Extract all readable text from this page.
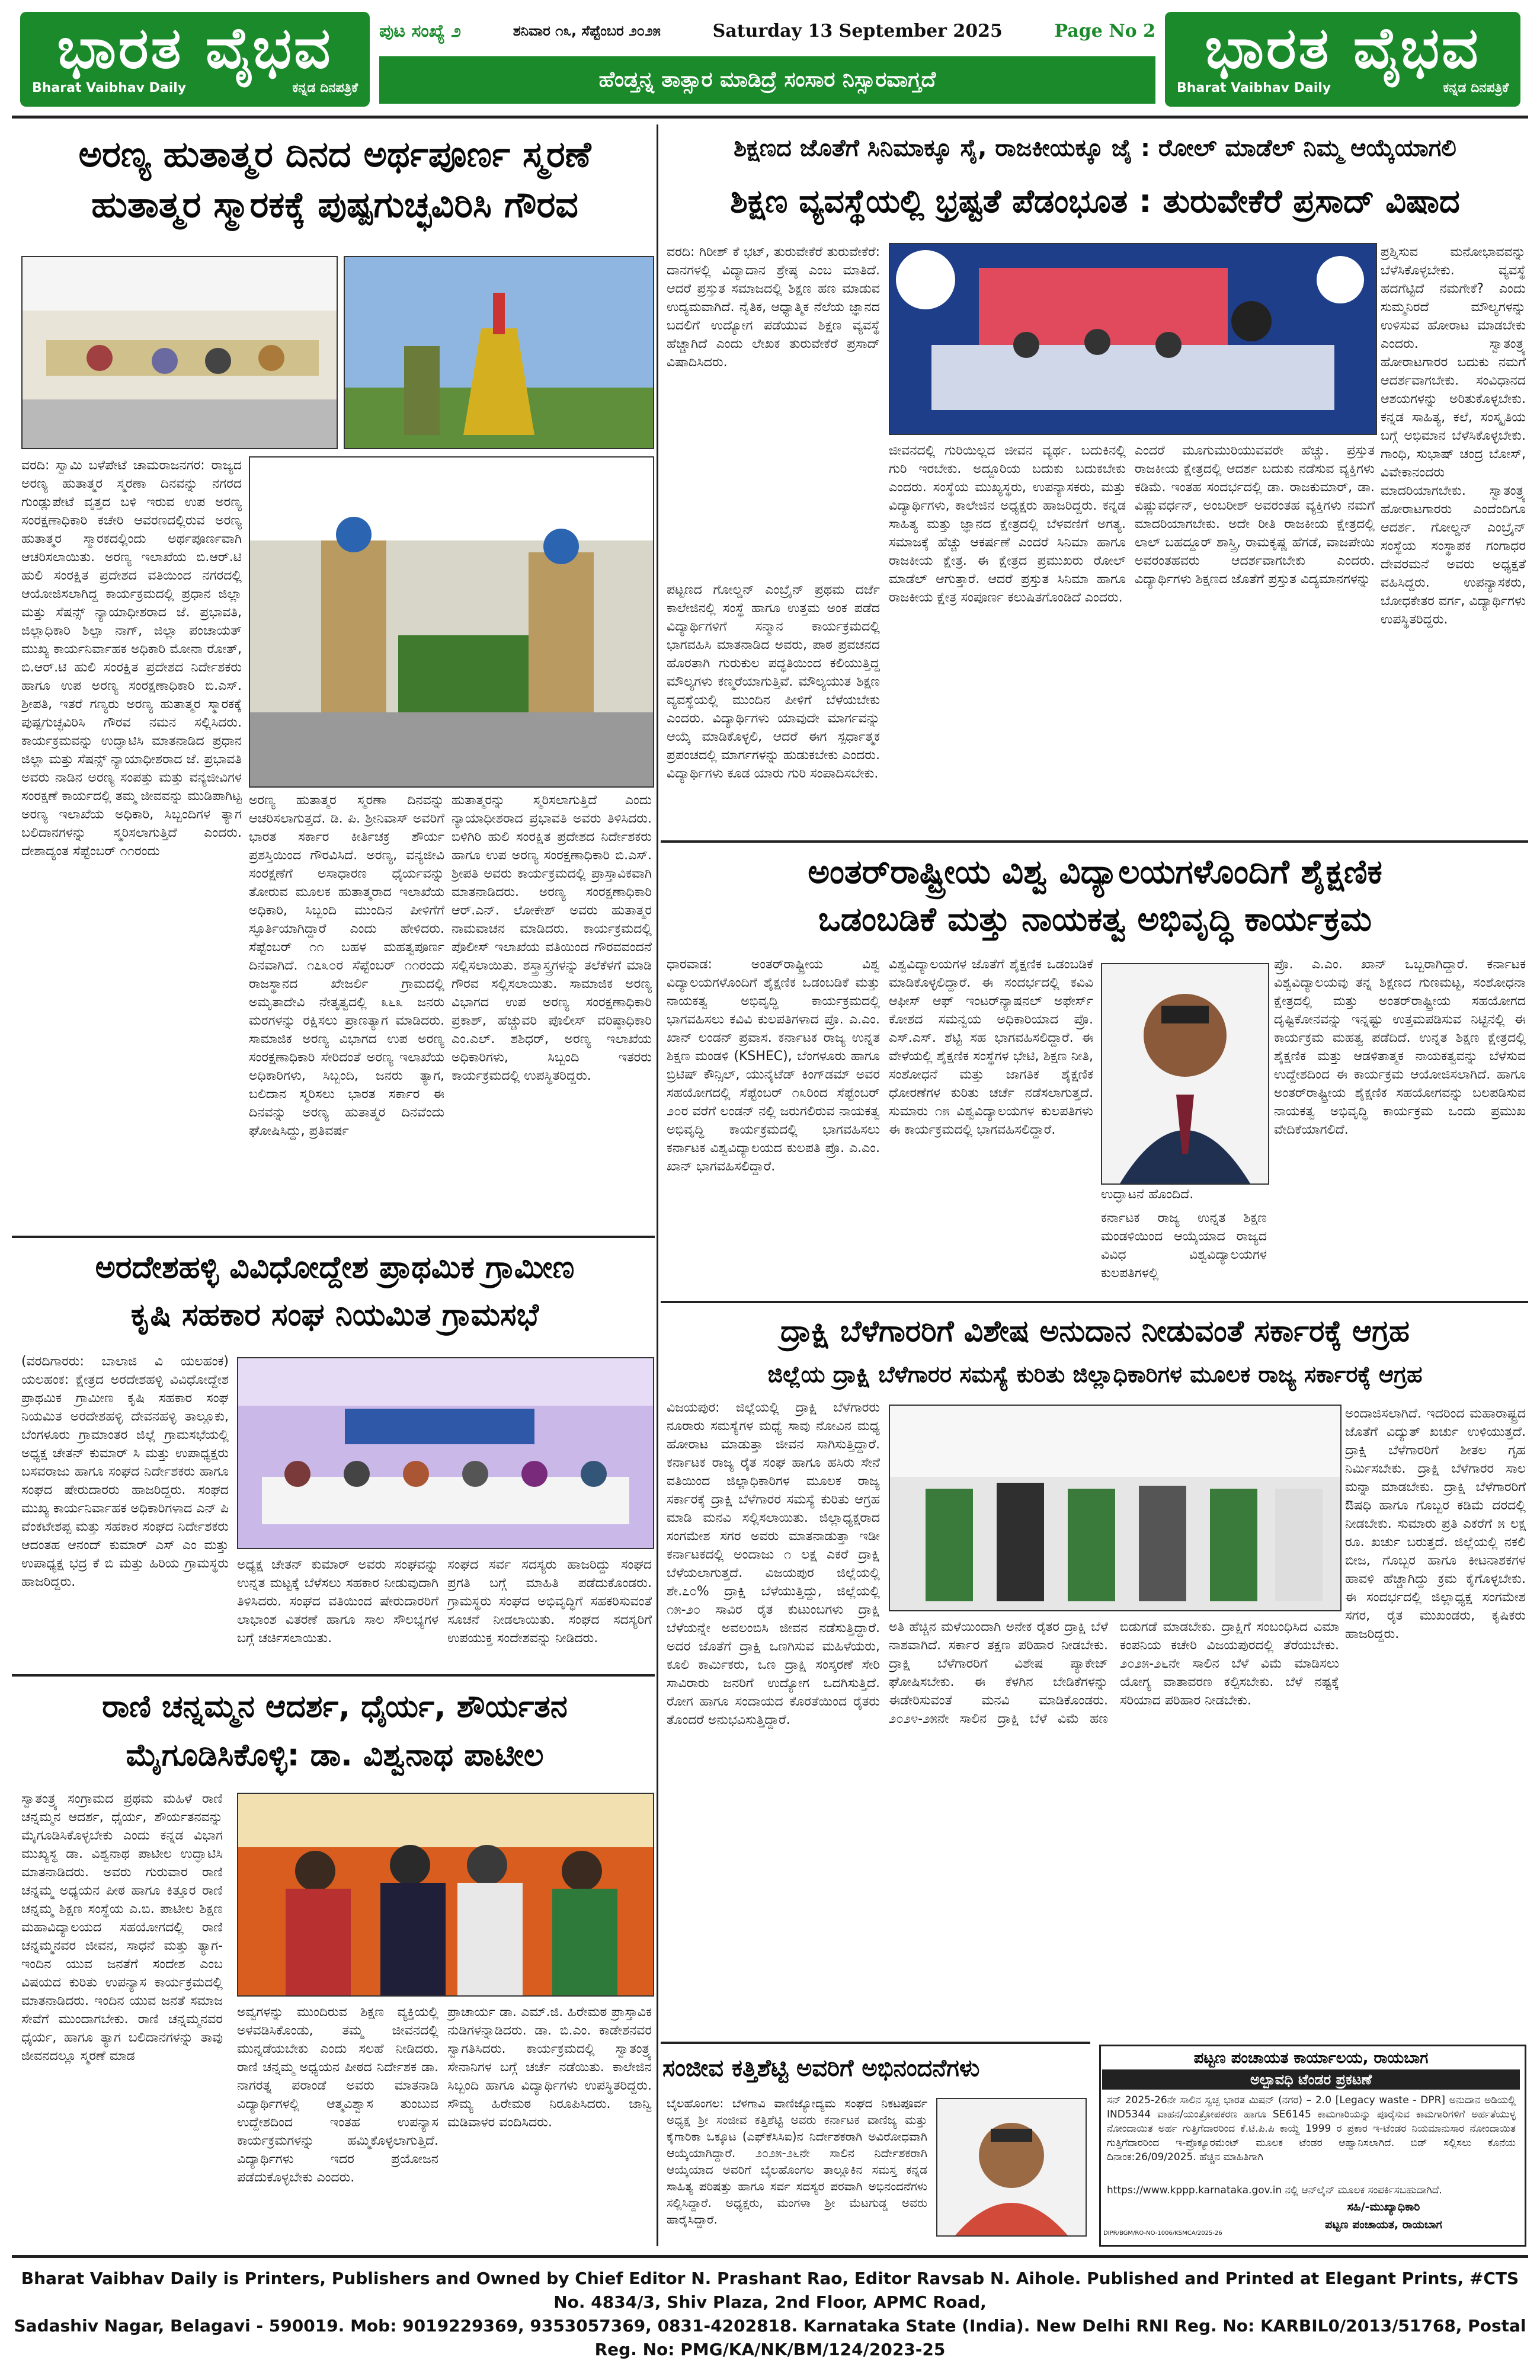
ಭಾರತ ವೈಭವ
Bharat Vaibhav Daily	ಕನ್ನಡ ದಿನಪತ್ರಿಕೆ
ಭಾರತ ವೈಭವ
Bharat Vaibhav Daily	ಕನ್ನಡ ದಿನಪತ್ರಿಕೆ
ಪುಟ ಸಂಖ್ಯೆ ೨	ಶನಿವಾರ ೧೩, ಸೆಪ್ಟೆಂಬರ ೨೦೨೫	Saturday 13 September 2025	Page No 2
ಹೆಂಡ್ತನ್ನ ತಾತ್ಸಾರ ಮಾಡಿದ್ರೆ ಸಂಸಾರ ನಿಸ್ಸಾರವಾಗ್ತದೆ
ಅರಣ್ಯ ಹುತಾತ್ಮರ ದಿನದ ಅರ್ಥಪೂರ್ಣ ಸ್ಮರಣೆ
ಹುತಾತ್ಮರ ಸ್ಮಾರಕಕ್ಕೆ ಪುಷ್ಪಗುಚ್ಛವಿರಿಸಿ ಗೌರವ
ವರದಿ: ಸ್ವಾಮಿ ಬಳೆಪೇಟೆ ಚಾಮರಾಜನಗರ: ರಾಜ್ಯದ ಅರಣ್ಯ ಹುತಾತ್ಮರ ಸ್ಮರಣಾ ದಿನವನ್ನು ನಗರದ ಗುಂಡ್ಲುಪೇಟೆ ವೃತ್ತದ ಬಳಿ ಇರುವ ಉಪ ಅರಣ್ಯ ಸಂರಕ್ಷಣಾಧಿಕಾರಿ ಕಚೇರಿ ಆವರಣದಲ್ಲಿರುವ ಅರಣ್ಯ ಹುತಾತ್ಮರ ಸ್ಮಾರಕದಲ್ಲಿಂದು ಅರ್ಥಪೂರ್ಣವಾಗಿ ಆಚರಿಸಲಾಯಿತು. ಅರಣ್ಯ ಇಲಾಖೆಯ ಬಿ.ಆರ್.ಟಿ ಹುಲಿ ಸಂರಕ್ಷಿತ ಪ್ರದೇಶದ ವತಿಯಿಂದ ನಗರದಲ್ಲಿ ಆಯೋಜಿಸಲಾಗಿದ್ದ ಕಾರ್ಯಕ್ರಮದಲ್ಲಿ ಪ್ರಧಾನ ಜಿಲ್ಲಾ ಮತ್ತು ಸೆಷನ್ಸ್ ನ್ಯಾಯಾಧೀಶರಾದ ಜೆ. ಪ್ರಭಾವತಿ, ಜಿಲ್ಲಾಧಿಕಾರಿ ಶಿಲ್ಪಾ ನಾಗ್, ಜಿಲ್ಲಾ ಪಂಚಾಯತ್ ಮುಖ್ಯ ಕಾರ್ಯನಿರ್ವಾಹಕ ಅಧಿಕಾರಿ ಮೋನಾ ರೋತ್, ಬಿ.ಆರ್.ಟಿ ಹುಲಿ ಸಂರಕ್ಷಿತ ಪ್ರದೇಶದ ನಿರ್ದೇಶಕರು ಹಾಗೂ ಉಪ ಅರಣ್ಯ ಸಂರಕ್ಷಣಾಧಿಕಾರಿ ಬಿ.ಎಸ್. ಶ್ರೀಪತಿ, ಇತರೆ ಗಣ್ಯರು ಅರಣ್ಯ ಹುತಾತ್ಮರ ಸ್ಮಾರಕಕ್ಕೆ ಪುಷ್ಪಗುಚ್ಛವಿರಿಸಿ ಗೌರವ ನಮನ ಸಲ್ಲಿಸಿದರು. ಕಾರ್ಯಕ್ರಮವನ್ನು ಉದ್ಘಾಟಿಸಿ ಮಾತನಾಡಿದ ಪ್ರಧಾನ ಜಿಲ್ಲಾ ಮತ್ತು ಸೆಷನ್ಸ್ ನ್ಯಾಯಾಧೀಶರಾದ ಜೆ. ಪ್ರಭಾವತಿ ಅವರು ನಾಡಿನ ಅರಣ್ಯ ಸಂಪತ್ತು ಮತ್ತು ವನ್ಯಜೀವಿಗಳ ಸಂರಕ್ಷಣೆ ಕಾರ್ಯದಲ್ಲಿ ತಮ್ಮ ಜೀವವನ್ನು ಮುಡಿಪಾಗಿಟ್ಟ ಅರಣ್ಯ ಇಲಾಖೆಯ ಅಧಿಕಾರಿ, ಸಿಬ್ಬಂದಿಗಳ ತ್ಯಾಗ ಬಲಿದಾನಗಳನ್ನು ಸ್ಮರಿಸಲಾಗುತ್ತಿದೆ ಎಂದರು. ದೇಶಾದ್ಯಂತ ಸೆಪ್ಟೆಂಬರ್ ೧೧ರಂದು
ಅರಣ್ಯ ಹುತಾತ್ಮರ ಸ್ಮರಣಾ ದಿನವನ್ನು ಆಚರಿಸಲಾಗುತ್ತದೆ. ಡಿ. ಪಿ. ಶ್ರೀನಿವಾಸ್ ಅವರಿಗೆ ಭಾರತ ಸರ್ಕಾರ ಕೀರ್ತಿಚಕ್ರ ಶೌರ್ಯ ಪ್ರಶಸ್ತಿಯಿಂದ ಗೌರವಿಸಿದೆ. ಅರಣ್ಯ, ವನ್ಯಜೀವಿ ಸಂರಕ್ಷಣೆಗೆ ಅಸಾಧಾರಣ ಧೈರ್ಯವನ್ನು ತೋರುವ ಮೂಲಕ ಹುತಾತ್ಮರಾದ ಇಲಾಖೆಯ ಅಧಿಕಾರಿ, ಸಿಬ್ಬಂದಿ ಮುಂದಿನ ಪೀಳಿಗೆಗೆ ಸ್ಫೂರ್ತಿಯಾಗಿದ್ದಾರೆ ಎಂದು ಹೇಳಿದರು. ಸೆಪ್ಟೆಂಬರ್ ೧೧ ಬಹಳ ಮಹತ್ವಪೂರ್ಣ ದಿನವಾಗಿದೆ. ೧೭೩೦ರ ಸೆಪ್ಟೆಂಬರ್ ೧೧ರಂದು ರಾಜಸ್ಥಾನದ ಖೇಜರ್ಲಿ ಗ್ರಾಮದಲ್ಲಿ ಅಮೃತಾದೇವಿ ನೇತೃತ್ವದಲ್ಲಿ ೩೬೩ ಜನರು ಮರಗಳನ್ನು ರಕ್ಷಿಸಲು ಪ್ರಾಣತ್ಯಾಗ ಮಾಡಿದರು. ಸಾಮಾಜಿಕ ಅರಣ್ಯ ವಿಭಾಗದ ಉಪ ಅರಣ್ಯ ಸಂರಕ್ಷಣಾಧಿಕಾರಿ ಸೇರಿದಂತೆ ಅರಣ್ಯ ಇಲಾಖೆಯ ಅಧಿಕಾರಿಗಳು, ಸಿಬ್ಬಂದಿ, ಜನರು ತ್ಯಾಗ, ಬಲಿದಾನ ಸ್ಮರಿಸಲು ಭಾರತ ಸರ್ಕಾರ ಈ ದಿನವನ್ನು ಅರಣ್ಯ ಹುತಾತ್ಮರ ದಿನವೆಂದು ಘೋಷಿಸಿದ್ದು, ಪ್ರತಿವರ್ಷ
ಹುತಾತ್ಮರನ್ನು ಸ್ಮರಿಸಲಾಗುತ್ತಿದೆ ಎಂದು ನ್ಯಾಯಾಧೀಶರಾದ ಪ್ರಭಾವತಿ ಅವರು ತಿಳಿಸಿದರು. ಬಿಳಿಗಿರಿ ಹುಲಿ ಸಂರಕ್ಷಿತ ಪ್ರದೇಶದ ನಿರ್ದೇಶಕರು ಹಾಗೂ ಉಪ ಅರಣ್ಯ ಸಂರಕ್ಷಣಾಧಿಕಾರಿ ಬಿ.ಎಸ್. ಶ್ರೀಪತಿ ಅವರು ಕಾರ್ಯಕ್ರಮದಲ್ಲಿ ಪ್ರಾಸ್ತಾವಿಕವಾಗಿ ಮಾತನಾಡಿದರು. ಅರಣ್ಯ ಸಂರಕ್ಷಣಾಧಿಕಾರಿ ಆರ್.ಎನ್. ಲೋಕೇಶ್ ಅವರು ಹುತಾತ್ಮರ ನಾಮವಾಚನ ಮಾಡಿದರು. ಕಾರ್ಯಕ್ರಮದಲ್ಲಿ ಪೊಲೀಸ್ ಇಲಾಖೆಯ ವತಿಯಿಂದ ಗೌರವವಂದನೆ ಸಲ್ಲಿಸಲಾಯಿತು. ಶಸ್ತ್ರಾಸ್ತ್ರಗಳನ್ನು ತಲೆಕೆಳಗೆ ಮಾಡಿ ಗೌರವ ಸಲ್ಲಿಸಲಾಯಿತು. ಸಾಮಾಜಿಕ ಅರಣ್ಯ ವಿಭಾಗದ ಉಪ ಅರಣ್ಯ ಸಂರಕ್ಷಣಾಧಿಕಾರಿ ಪ್ರಕಾಶ್, ಹೆಚ್ಚುವರಿ ಪೊಲೀಸ್ ವರಿಷ್ಠಾಧಿಕಾರಿ ಎಂ.ಎಲ್. ಶಶಿಧರ್, ಅರಣ್ಯ ಇಲಾಖೆಯ ಅಧಿಕಾರಿಗಳು, ಸಿಬ್ಬಂದಿ ಇತರರು ಕಾರ್ಯಕ್ರಮದಲ್ಲಿ ಉಪಸ್ಥಿತರಿದ್ದರು.
ಶಿಕ್ಷಣದ ಜೊತೆಗೆ ಸಿನಿಮಾಕ್ಕೂ ಸೈ, ರಾಜಕೀಯಕ್ಕೂ ಜೈ : ರೋಲ್ ಮಾಡೆಲ್ ನಿಮ್ಮ ಆಯ್ಕೆಯಾಗಲಿ
ಶಿಕ್ಷಣ ವ್ಯವಸ್ಥೆಯಲ್ಲಿ ಭ್ರಷ್ಟತೆ ಪೆಡಂಭೂತ : ತುರುವೇಕೆರೆ ಪ್ರಸಾದ್ ವಿಷಾದ
ವರದಿ: ಗಿರೀಶ್ ಕೆ ಭಟ್, ತುರುವೇಕೆರೆ ತುರುವೇಕೆರೆ: ದಾನಗಳಲ್ಲಿ ವಿದ್ಯಾದಾನ ಶ್ರೇಷ್ಠ ಎಂಬ ಮಾತಿದೆ. ಆದರೆ ಪ್ರಸ್ತುತ ಸಮಾಜದಲ್ಲಿ ಶಿಕ್ಷಣ ಹಣ ಮಾಡುವ ಉದ್ಯಮವಾಗಿದೆ. ನೈತಿಕ, ಆಧ್ಯಾತ್ಮಿಕ ನೆಲೆಯ ಜ್ಞಾನದ ಬದಲಿಗೆ ಉದ್ಯೋಗ ಪಡೆಯುವ ಶಿಕ್ಷಣ ವ್ಯವಸ್ಥೆ ಹೆಚ್ಚಾಗಿದೆ ಎಂದು ಲೇಖಕ ತುರುವೇಕೆರೆ ಪ್ರಸಾದ್ ವಿಷಾದಿಸಿದರು.
ಪ್ರಶ್ನಿಸುವ ಮನೋಭಾವವನ್ನು ಬೆಳೆಸಿಕೊಳ್ಳಬೇಕು. ವ್ಯವಸ್ಥೆ ಹದಗೆಟ್ಟಿದೆ ನಮಗೇಕೆ? ಎಂದು ಸುಮ್ಮನಿರದೆ ಮೌಲ್ಯಗಳನ್ನು ಉಳಿಸುವ ಹೋರಾಟ ಮಾಡಬೇಕು ಎಂದರು. ಸ್ವಾತಂತ್ರ್ಯ ಹೋರಾಟಗಾರರ ಬದುಕು ನಮಗೆ ಆದರ್ಶವಾಗಬೇಕು. ಸಂವಿಧಾನದ ಆಶಯಗಳನ್ನು ಅರಿತುಕೊಳ್ಳಬೇಕು. ಕನ್ನಡ ಸಾಹಿತ್ಯ, ಕಲೆ, ಸಂಸ್ಕೃತಿಯ ಬಗ್ಗೆ ಅಭಿಮಾನ ಬೆಳೆಸಿಕೊಳ್ಳಬೇಕು. ಗಾಂಧಿ, ಸುಭಾಷ್ ಚಂದ್ರ ಬೋಸ್, ವಿವೇಕಾನಂದರು ಮಾದರಿಯಾಗಬೇಕು. ಸ್ವಾತಂತ್ರ್ಯ ಹೋರಾಟಗಾರರು ಎಂದೆಂದಿಗೂ ಆದರ್ಶ. ಗೋಲ್ಡನ್ ಎಂಬ್ರೈನ್ ಸಂಸ್ಥೆಯ ಸಂಸ್ಥಾಪಕ ಗಂಗಾಧರ ದೇವರಮನೆ ಅವರು ಅಧ್ಯಕ್ಷತೆ ವಹಿಸಿದ್ದರು. ಉಪನ್ಯಾಸಕರು, ಬೋಧಕೇತರ ವರ್ಗ, ವಿದ್ಯಾರ್ಥಿಗಳು ಉಪಸ್ಥಿತರಿದ್ದರು.
ಪಟ್ಟಣದ ಗೋಲ್ಡನ್ ಎಂಬ್ರೈನ್ ಪ್ರಥಮ ದರ್ಜೆ ಕಾಲೇಜಿನಲ್ಲಿ ಸಂಸ್ಥೆ ಹಾಗೂ ಉತ್ತಮ ಅಂಕ ಪಡೆದ ವಿದ್ಯಾರ್ಥಿಗಳಿಗೆ ಸನ್ಮಾನ ಕಾರ್ಯಕ್ರಮದಲ್ಲಿ ಭಾಗವಹಿಸಿ ಮಾತನಾಡಿದ ಅವರು, ಪಾಠ ಪ್ರವಚನದ ಹೊರತಾಗಿ ಗುರುಕುಲ ಪದ್ಧತಿಯಿಂದ ಕಲಿಯುತ್ತಿದ್ದ ಮೌಲ್ಯಗಳು ಕಣ್ಮರೆಯಾಗುತ್ತಿವೆ. ಮೌಲ್ಯಯುತ ಶಿಕ್ಷಣ ವ್ಯವಸ್ಥೆಯಲ್ಲಿ ಮುಂದಿನ ಪೀಳಿಗೆ ಬೆಳೆಯಬೇಕು ಎಂದರು. ವಿದ್ಯಾರ್ಥಿಗಳು ಯಾವುದೇ ಮಾರ್ಗವನ್ನು ಆಯ್ಕೆ ಮಾಡಿಕೊಳ್ಳಲಿ, ಆದರೆ ಈಗ ಸ್ಪರ್ಧಾತ್ಮಕ ಪ್ರಪಂಚದಲ್ಲಿ ಮಾರ್ಗಗಳನ್ನು ಹುಡುಕಬೇಕು ಎಂದರು. ವಿದ್ಯಾರ್ಥಿಗಳು ಕೂಡ ಯಾರು ಗುರಿ ಸಂಪಾದಿಸಬೇಕು.
ಜೀವನದಲ್ಲಿ ಗುರಿಯಿಲ್ಲದ ಜೀವನ ವ್ಯರ್ಥ. ಬದುಕಿನಲ್ಲಿ ಗುರಿ ಇರಬೇಕು. ಅದ್ದೂರಿಯ ಬದುಕು ಬದುಕಬೇಕು ಎಂದರು. ಸಂಸ್ಥೆಯ ಮುಖ್ಯಸ್ಥರು, ಉಪನ್ಯಾಸಕರು, ಮತ್ತು ವಿದ್ಯಾರ್ಥಿಗಳು, ಕಾಲೇಜಿನ ಅಧ್ಯಕ್ಷರು ಹಾಜರಿದ್ದರು. ಕನ್ನಡ ಸಾಹಿತ್ಯ ಮತ್ತು ಜ್ಞಾನದ ಕ್ಷೇತ್ರದಲ್ಲಿ ಬೆಳವಣಿಗೆ ಅಗತ್ಯ. ಸಮಾಜಕ್ಕೆ ಹೆಚ್ಚು ಆಕರ್ಷಣೆ ಎಂದರೆ ಸಿನಿಮಾ ಹಾಗೂ ರಾಜಕೀಯ ಕ್ಷೇತ್ರ. ಈ ಕ್ಷೇತ್ರದ ಪ್ರಮುಖರು ರೋಲ್ ಮಾಡೆಲ್ ಆಗುತ್ತಾರೆ. ಆದರೆ ಪ್ರಸ್ತುತ ಸಿನಿಮಾ ಹಾಗೂ ರಾಜಕೀಯ ಕ್ಷೇತ್ರ ಸಂಪೂರ್ಣ ಕಲುಷಿತಗೊಂಡಿದೆ ಎಂದರು.
ಎಂದರೆ ಮೂಗುಮುರಿಯುವವರೇ ಹೆಚ್ಚು. ಪ್ರಸ್ತುತ ರಾಜಕೀಯ ಕ್ಷೇತ್ರದಲ್ಲಿ ಆದರ್ಶ ಬದುಕು ನಡೆಸುವ ವ್ಯಕ್ತಿಗಳು ಕಡಿಮೆ. ಇಂತಹ ಸಂದರ್ಭದಲ್ಲಿ ಡಾ. ರಾಜಕುಮಾರ್, ಡಾ. ವಿಷ್ಣುವರ್ಧನ್, ಅಂಬರೀಶ್ ಅವರಂತಹ ವ್ಯಕ್ತಿಗಳು ನಮಗೆ ಮಾದರಿಯಾಗಬೇಕು. ಅದೇ ರೀತಿ ರಾಜಕೀಯ ಕ್ಷೇತ್ರದಲ್ಲಿ ಲಾಲ್ ಬಹದ್ದೂರ್ ಶಾಸ್ತ್ರಿ, ರಾಮಕೃಷ್ಣ ಹೆಗಡೆ, ವಾಜಪೇಯಿ ಅವರಂತಹವರು ಆದರ್ಶವಾಗಬೇಕು ಎಂದರು. ವಿದ್ಯಾರ್ಥಿಗಳು ಶಿಕ್ಷಣದ ಜೊತೆಗೆ ಪ್ರಸ್ತುತ ವಿದ್ಯಮಾನಗಳನ್ನು
ಅಂತರ್‌ರಾಷ್ಟ್ರೀಯ ವಿಶ್ವ ವಿದ್ಯಾಲಯಗಳೊಂದಿಗೆ ಶೈಕ್ಷಣಿಕ
ಒಡಂಬಡಿಕೆ ಮತ್ತು ನಾಯಕತ್ವ ಅಭಿವೃದ್ಧಿ ಕಾರ್ಯಕ್ರಮ
ಧಾರವಾಡ: ಅಂತರ್‌ರಾಷ್ಟ್ರೀಯ ವಿಶ್ವ ವಿದ್ಯಾಲಯಗಳೊಂದಿಗೆ ಶೈಕ್ಷಣಿಕ ಒಡಂಬಡಿಕೆ ಮತ್ತು ನಾಯಕತ್ವ ಅಭಿವೃದ್ಧಿ ಕಾರ್ಯಕ್ರಮದಲ್ಲಿ ಭಾಗವಹಿಸಲು ಕವಿವಿ ಕುಲಪತಿಗಳಾದ ಪ್ರೊ. ಎ.ಎಂ. ಖಾನ್ ಲಂಡನ್ ಪ್ರವಾಸ. ಕರ್ನಾಟಕ ರಾಜ್ಯ ಉನ್ನತ ಶಿಕ್ಷಣ ಮಂಡಳಿ (KSHEC), ಬೆಂಗಳೂರು ಹಾಗೂ ಬ್ರಿಟಿಷ್ ಕೌನ್ಸಿಲ್, ಯುನೈಟೆಡ್ ಕಿಂಗ್‌ಡಮ್ ಅವರ ಸಹಯೋಗದಲ್ಲಿ ಸೆಪ್ಟೆಂಬರ್ ೧೩ರಿಂದ ಸೆಪ್ಟೆಂಬರ್ ೨೦ರ ವರೆಗೆ ಲಂಡನ್ ನಲ್ಲಿ ಜರುಗಲಿರುವ ನಾಯಕತ್ವ ಅಭಿವೃದ್ಧಿ ಕಾರ್ಯಕ್ರಮದಲ್ಲಿ ಭಾಗವಹಿಸಲು ಕರ್ನಾಟಕ ವಿಶ್ವವಿದ್ಯಾಲಯದ ಕುಲಪತಿ ಪ್ರೊ. ಎ.ಎಂ. ಖಾನ್ ಭಾಗವಹಿಸಲಿದ್ದಾರೆ.
ವಿಶ್ವವಿದ್ಯಾಲಯಗಳ ಜೊತೆಗೆ ಶೈಕ್ಷಣಿಕ ಒಡಂಬಡಿಕೆ ಮಾಡಿಕೊಳ್ಳಲಿದ್ದಾರೆ. ಈ ಸಂದರ್ಭದಲ್ಲಿ ಕವಿವಿ ಆಫೀಸ್ ಆಫ್ ಇಂಟರ್‌ನ್ಯಾಷನಲ್ ಅಫೇರ್ಸ್ ಕೋಶದ ಸಮನ್ವಯ ಅಧಿಕಾರಿಯಾದ ಪ್ರೊ. ಎಸ್.ಎಸ್. ಶೆಟ್ಟಿ ಸಹ ಭಾಗವಹಿಸಲಿದ್ದಾರೆ. ಈ ವೇಳೆಯಲ್ಲಿ ಶೈಕ್ಷಣಿಕ ಸಂಸ್ಥೆಗಳ ಭೇಟಿ, ಶಿಕ್ಷಣ ನೀತಿ, ಸಂಶೋಧನೆ ಮತ್ತು ಜಾಗತಿಕ ಶೈಕ್ಷಣಿಕ ಧೋರಣೆಗಳ ಕುರಿತು ಚರ್ಚೆ ನಡೆಸಲಾಗುತ್ತದೆ. ಸುಮಾರು ೧೫ ವಿಶ್ವವಿದ್ಯಾಲಯಗಳ ಕುಲಪತಿಗಳು ಈ ಕಾರ್ಯಕ್ರಮದಲ್ಲಿ ಭಾಗವಹಿಸಲಿದ್ದಾರೆ.
ಉದ್ಘಾಟನೆ ಹೊಂದಿದೆ.
ಕರ್ನಾಟಕ ರಾಜ್ಯ ಉನ್ನತ ಶಿಕ್ಷಣ ಮಂಡಳಿಯಿಂದ ಆಯ್ಕೆಯಾದ ರಾಜ್ಯದ ವಿವಿಧ ವಿಶ್ವವಿದ್ಯಾಲಯಗಳ ಕುಲಪತಿಗಳಲ್ಲಿ
ಪ್ರೊ. ಎ.ಎಂ. ಖಾನ್ ಒಬ್ಬರಾಗಿದ್ದಾರೆ. ಕರ್ನಾಟಕ ವಿಶ್ವವಿದ್ಯಾಲಯವು ತನ್ನ ಶಿಕ್ಷಣದ ಗುಣಮಟ್ಟ, ಸಂಶೋಧನಾ ಕ್ಷೇತ್ರದಲ್ಲಿ ಮತ್ತು ಅಂತರ್‌ರಾಷ್ಟ್ರೀಯ ಸಹಯೋಗದ ದೃಷ್ಟಿಕೋನವನ್ನು ಇನ್ನಷ್ಟು ಉತ್ತಮಪಡಿಸುವ ನಿಟ್ಟಿನಲ್ಲಿ ಈ ಕಾರ್ಯಕ್ರಮ ಮಹತ್ವ ಪಡೆದಿದೆ. ಉನ್ನತ ಶಿಕ್ಷಣ ಕ್ಷೇತ್ರದಲ್ಲಿ ಶೈಕ್ಷಣಿಕ ಮತ್ತು ಆಡಳಿತಾತ್ಮಕ ನಾಯಕತ್ವವನ್ನು ಬೆಳೆಸುವ ಉದ್ದೇಶದಿಂದ ಈ ಕಾರ್ಯಕ್ರಮ ಆಯೋಜಿಸಲಾಗಿದೆ. ಹಾಗೂ ಅಂತರ್‌ರಾಷ್ಟ್ರೀಯ ಶೈಕ್ಷಣಿಕ ಸಹಯೋಗವನ್ನು ಬಲಪಡಿಸುವ ನಾಯಕತ್ವ ಅಭಿವೃದ್ಧಿ ಕಾರ್ಯಕ್ರಮ ಒಂದು ಪ್ರಮುಖ ವೇದಿಕೆಯಾಗಲಿದೆ.
ಅರದೇಶಹಳ್ಳಿ ವಿವಿಧೋದ್ದೇಶ ಪ್ರಾಥಮಿಕ ಗ್ರಾಮೀಣ
ಕೃಷಿ ಸಹಕಾರ ಸಂಘ ನಿಯಮಿತ ಗ್ರಾಮಸಭೆ
(ವರದಿಗಾರರು: ಬಾಲಾಜಿ ವಿ ಯಲಹಂಕ) ಯಲಹಂಕ: ಕ್ಷೇತ್ರದ ಅರದೇಶಹಳ್ಳಿ ವಿವಿಧೋದ್ದೇಶ ಪ್ರಾಥಮಿಕ ಗ್ರಾಮೀಣ ಕೃಷಿ ಸಹಕಾರ ಸಂಘ ನಿಯಮಿತ ಅರದೇಶಹಳ್ಳಿ ದೇವನಹಳ್ಳಿ ತಾಲ್ಲೂಕು, ಬೆಂಗಳೂರು ಗ್ರಾಮಾಂತರ ಜಿಲ್ಲೆ ಗ್ರಾಮಸಭೆಯಲ್ಲಿ ಅಧ್ಯಕ್ಷ ಚೇತನ್ ಕುಮಾರ್ ಸಿ ಮತ್ತು ಉಪಾಧ್ಯಕ್ಷರು ಬಸವರಾಜು ಹಾಗೂ ಸಂಘದ ನಿರ್ದೇಶಕರು ಹಾಗೂ ಸಂಘದ ಷೇರುದಾರರು ಹಾಜರಿದ್ದರು. ಸಂಘದ ಮುಖ್ಯ ಕಾರ್ಯನಿರ್ವಾಹಕ ಅಧಿಕಾರಿಗಳಾದ ಎನ್ ಪಿ ವೆಂಕಟೇಶಪ್ಪ ಮತ್ತು ಸಹಕಾರ ಸಂಘದ ನಿರ್ದೇಶಕರು ಆದಂತಹ ಆನಂದ್ ಕುಮಾರ್ ಎಸ್ ಎಂ ಮತ್ತು ಉಪಾಧ್ಯಕ್ಷ ಭದ್ರ ಕೆ ಬಿ ಮತ್ತು ಹಿರಿಯ ಗ್ರಾಮಸ್ಥರು ಹಾಜರಿದ್ದರು.
ಅಧ್ಯಕ್ಷ ಚೇತನ್ ಕುಮಾರ್ ಅವರು ಸಂಘವನ್ನು ಉನ್ನತ ಮಟ್ಟಕ್ಕೆ ಬೆಳೆಸಲು ಸಹಕಾರ ನೀಡುವುದಾಗಿ ತಿಳಿಸಿದರು. ಸಂಘದ ವತಿಯಿಂದ ಷೇರುದಾರರಿಗೆ ಲಾಭಾಂಶ ವಿತರಣೆ ಹಾಗೂ ಸಾಲ ಸೌಲಭ್ಯಗಳ ಬಗ್ಗೆ ಚರ್ಚಿಸಲಾಯಿತು.
ಸಂಘದ ಸರ್ವ ಸದಸ್ಯರು ಹಾಜರಿದ್ದು ಸಂಘದ ಪ್ರಗತಿ ಬಗ್ಗೆ ಮಾಹಿತಿ ಪಡೆದುಕೊಂಡರು. ಗ್ರಾಮಸ್ಥರು ಸಂಘದ ಅಭಿವೃದ್ಧಿಗೆ ಸಹಕರಿಸುವಂತೆ ಸೂಚನೆ ನೀಡಲಾಯಿತು. ಸಂಘದ ಸದಸ್ಯರಿಗೆ ಉಪಯುಕ್ತ ಸಂದೇಶವನ್ನು ನೀಡಿದರು.
ದ್ರಾಕ್ಷಿ ಬೆಳೆಗಾರರಿಗೆ ವಿಶೇಷ ಅನುದಾನ ನೀಡುವಂತೆ ಸರ್ಕಾರಕ್ಕೆ ಆಗ್ರಹ
ಜಿಲ್ಲೆಯ ದ್ರಾಕ್ಷಿ ಬೆಳೆಗಾರರ ಸಮಸ್ಯೆ ಕುರಿತು ಜಿಲ್ಲಾಧಿಕಾರಿಗಳ ಮೂಲಕ ರಾಜ್ಯ ಸರ್ಕಾರಕ್ಕೆ ಆಗ್ರಹ
ವಿಜಯಪುರ: ಜಿಲ್ಲೆಯಲ್ಲಿ ದ್ರಾಕ್ಷಿ ಬೆಳೆಗಾರರು ನೂರಾರು ಸಮಸ್ಯೆಗಳ ಮಧ್ಯೆ ಸಾವು ನೋವಿನ ಮಧ್ಯ ಹೋರಾಟ ಮಾಡುತ್ತಾ ಜೀವನ ಸಾಗಿಸುತ್ತಿದ್ದಾರೆ. ಕರ್ನಾಟಕ ರಾಜ್ಯ ರೈತ ಸಂಘ ಹಾಗೂ ಹಸಿರು ಸೇನೆ ವತಿಯಿಂದ ಜಿಲ್ಲಾಧಿಕಾರಿಗಳ ಮೂಲಕ ರಾಜ್ಯ ಸರ್ಕಾರಕ್ಕೆ ದ್ರಾಕ್ಷಿ ಬೆಳೆಗಾರರ ಸಮಸ್ಯೆ ಕುರಿತು ಆಗ್ರಹ ಮಾಡಿ ಮನವಿ ಸಲ್ಲಿಸಲಾಯಿತು. ಜಿಲ್ಲಾಧ್ಯಕ್ಷರಾದ ಸಂಗಮೇಶ ಸಗರ ಅವರು ಮಾತನಾಡುತ್ತಾ ಇಡೀ ಕರ್ನಾಟಕದಲ್ಲಿ ಅಂದಾಜು ೧ ಲಕ್ಷ ಎಕರೆ ದ್ರಾಕ್ಷಿ ಬೆಳೆಯಲಾಗುತ್ತದೆ. ವಿಜಯಪುರ ಜಿಲ್ಲೆಯಲ್ಲಿ ಶೇ.೭೦% ದ್ರಾಕ್ಷಿ ಬೆಳೆಯುತ್ತಿದ್ದು, ಜಿಲ್ಲೆಯಲ್ಲಿ ೧೫-೨೦ ಸಾವಿರ ರೈತ ಕುಟುಂಬಗಳು ದ್ರಾಕ್ಷಿ ಬೆಳೆಯನ್ನೇ ಅವಲಂಬಿಸಿ ಜೀವನ ನಡೆಸುತ್ತಿದ್ದಾರೆ. ಅದರ ಜೊತೆಗೆ ದ್ರಾಕ್ಷಿ ಒಣಗಿಸುವ ಮಹಿಳೆಯರು, ಕೂಲಿ ಕಾರ್ಮಿಕರು, ಒಣ ದ್ರಾಕ್ಷಿ ಸಂಸ್ಕರಣೆ ಸೇರಿ ಸಾವಿರಾರು ಜನರಿಗೆ ಉದ್ಯೋಗ ಒದಗಿಸುತ್ತಿದೆ. ರೋಗ ಹಾಗೂ ಸಂದಾಯದ ಕೊರತೆಯಿಂದ ರೈತರು ತೊಂದರೆ ಅನುಭವಿಸುತ್ತಿದ್ದಾರೆ.
ಅಂದಾಜಿಸಲಾಗಿದೆ. ಇದರಿಂದ ಮಹಾರಾಷ್ಟ್ರದ ಜೊತೆಗೆ ವಿದ್ಯುತ್ ಖರ್ಚು ಉಳಿಯುತ್ತದೆ. ದ್ರಾಕ್ಷಿ ಬೆಳೆಗಾರರಿಗೆ ಶೀತಲ ಗೃಹ ನಿರ್ಮಿಸಬೇಕು. ದ್ರಾಕ್ಷಿ ಬೆಳೆಗಾರರ ಸಾಲ ಮನ್ನಾ ಮಾಡಬೇಕು. ದ್ರಾಕ್ಷಿ ಬೆಳೆಗಾರರಿಗೆ ಔಷಧಿ ಹಾಗೂ ಗೊಬ್ಬರ ಕಡಿಮೆ ದರದಲ್ಲಿ ನೀಡಬೇಕು. ಸುಮಾರು ಪ್ರತಿ ಎಕರೆಗೆ ೫ ಲಕ್ಷ ರೂ. ಖರ್ಚು ಬರುತ್ತದೆ. ಜಿಲ್ಲೆಯಲ್ಲಿ ನಕಲಿ ಬೀಜ, ಗೊಬ್ಬರ ಹಾಗೂ ಕೀಟನಾಶಕಗಳ ಹಾವಳಿ ಹೆಚ್ಚಾಗಿದ್ದು ಕ್ರಮ ಕೈಗೊಳ್ಳಬೇಕು. ಈ ಸಂದರ್ಭದಲ್ಲಿ ಜಿಲ್ಲಾಧ್ಯಕ್ಷ ಸಂಗಮೇಶ ಸಗರ, ರೈತ ಮುಖಂಡರು, ಕೃಷಿಕರು ಹಾಜರಿದ್ದರು.
ಅತಿ ಹೆಚ್ಚಿನ ಮಳೆಯಿಂದಾಗಿ ಅನೇಕ ರೈತರ ದ್ರಾಕ್ಷಿ ಬೆಳೆ ನಾಶವಾಗಿದೆ. ಸರ್ಕಾರ ತಕ್ಷಣ ಪರಿಹಾರ ನೀಡಬೇಕು. ದ್ರಾಕ್ಷಿ ಬೆಳೆಗಾರರಿಗೆ ವಿಶೇಷ ಪ್ಯಾಕೇಜ್ ಘೋಷಿಸಬೇಕು. ಈ ಕೆಳಗಿನ ಬೇಡಿಕೆಗಳನ್ನು ಈಡೇರಿಸುವಂತೆ ಮನವಿ ಮಾಡಿಕೊಂಡರು. ೨೦೨೪-೨೫ನೇ ಸಾಲಿನ ದ್ರಾಕ್ಷಿ ಬೆಳೆ ವಿಮೆ ಹಣ ಬಿಡುಗಡೆ ಮಾಡಬೇಕು. ದ್ರಾಕ್ಷಿಗೆ ಸಂಬಂಧಿಸಿದ ವಿಮಾ ಕಂಪನಿಯ ಕಚೇರಿ ವಿಜಯಪುರದಲ್ಲಿ ತೆರೆಯಬೇಕು. ೨೦೨೫-೨೬ನೇ ಸಾಲಿನ ಬೆಳೆ ವಿಮೆ ಮಾಡಿಸಲು ಯೋಗ್ಯ ವಾತಾವರಣ ಕಲ್ಪಿಸಬೇಕು. ಬೆಳೆ ನಷ್ಟಕ್ಕೆ ಸರಿಯಾದ ಪರಿಹಾರ ನೀಡಬೇಕು.
ರಾಣಿ ಚನ್ನಮ್ಮನ ಆದರ್ಶ, ಧೈರ್ಯ, ಶೌರ್ಯತನ
ಮೈಗೂಡಿಸಿಕೊಳ್ಳಿ: ಡಾ. ವಿಶ್ವನಾಥ ಪಾಟೀಲ
ಸ್ವಾತಂತ್ರ್ಯ ಸಂಗ್ರಾಮದ ಪ್ರಥಮ ಮಹಿಳೆ ರಾಣಿ ಚನ್ನಮ್ಮನ ಆದರ್ಶ, ಧೈರ್ಯ, ಶೌರ್ಯತನವನ್ನು ಮೈಗೂಡಿಸಿಕೊಳ್ಳಬೇಕು ಎಂದು ಕನ್ನಡ ವಿಭಾಗ ಮುಖ್ಯಸ್ಥ ಡಾ. ವಿಶ್ವನಾಥ ಪಾಟೀಲ ಉದ್ಘಾಟಿಸಿ ಮಾತನಾಡಿದರು. ಅವರು ಗುರುವಾರ ರಾಣಿ ಚನ್ನಮ್ಮ ಅಧ್ಯಯನ ಪೀಠ ಹಾಗೂ ಕಿತ್ತೂರ ರಾಣಿ ಚನ್ನಮ್ಮ ಶಿಕ್ಷಣ ಸಂಸ್ಥೆಯ ಎ.ಬಿ. ಪಾಟೀಲ ಶಿಕ್ಷಣ ಮಹಾವಿದ್ಯಾಲಯದ ಸಹಯೋಗದಲ್ಲಿ ರಾಣಿ ಚನ್ನಮ್ಮನವರ ಜೀವನ, ಸಾಧನೆ ಮತ್ತು ತ್ಯಾಗ-ಇಂದಿನ ಯುವ ಜನತೆಗೆ ಸಂದೇಶ ಎಂಬ ವಿಷಯದ ಕುರಿತು ಉಪನ್ಯಾಸ ಕಾರ್ಯಕ್ರಮದಲ್ಲಿ ಮಾತನಾಡಿದರು. ಇಂದಿನ ಯುವ ಜನತೆ ಸಮಾಜ ಸೇವೆಗೆ ಮುಂದಾಗಬೇಕು. ರಾಣಿ ಚನ್ನಮ್ಮನವರ ಧೈರ್ಯ, ಹಾಗೂ ತ್ಯಾಗ ಬಲಿದಾನಗಳನ್ನು ತಾವು ಜೀವನದಲ್ಲೂ ಸ್ಮರಣೆ ಮಾಡ
ಅವ್ವಗಳನ್ನು ಮುಂದಿರುವ ಶಿಕ್ಷಣ ವ್ಯಕ್ತಿಯಲ್ಲಿ ಅಳವಡಿಸಿಕೊಂಡು, ತಮ್ಮ ಜೀವನದಲ್ಲಿ ಮುನ್ನಡೆಯಬೇಕು ಎಂದು ಸಲಹೆ ನೀಡಿದರು. ರಾಣಿ ಚನ್ನಮ್ಮ ಅಧ್ಯಯನ ಪೀಠದ ನಿರ್ದೇಶಕ ಡಾ. ನಾಗರತ್ನ ಪರಾಂಡೆ ಅವರು ಮಾತನಾಡಿ ವಿದ್ಯಾರ್ಥಿಗಳಲ್ಲಿ ಆತ್ಮವಿಶ್ವಾಸ ತುಂಬುವ ಉದ್ದೇಶದಿಂದ ಇಂತಹ ಉಪನ್ಯಾಸ ಕಾರ್ಯಕ್ರಮಗಳನ್ನು ಹಮ್ಮಿಕೊಳ್ಳಲಾಗುತ್ತಿದೆ. ವಿದ್ಯಾರ್ಥಿಗಳು ಇದರ ಪ್ರಯೋಜನ ಪಡೆದುಕೊಳ್ಳಬೇಕು ಎಂದರು.
ಪ್ರಾಚಾರ್ಯ ಡಾ. ಎಮ್.ಜಿ. ಹಿರೇಮಠ ಪ್ರಾಸ್ತಾವಿಕ ನುಡಿಗಳನ್ನಾಡಿದರು. ಡಾ. ಬಿ.ಎಂ. ಕಾಡೇಶನವರ ಸ್ವಾಗತಿಸಿದರು. ಕಾರ್ಯಕ್ರಮದಲ್ಲಿ ಸ್ವಾತಂತ್ರ್ಯ ಸೇನಾನಿಗಳ ಬಗ್ಗೆ ಚರ್ಚೆ ನಡೆಯಿತು. ಕಾಲೇಜಿನ ಸಿಬ್ಬಂದಿ ಹಾಗೂ ವಿದ್ಯಾರ್ಥಿಗಳು ಉಪಸ್ಥಿತರಿದ್ದರು. ಸೌಮ್ಯ ಹಿರೇಮಠ ನಿರೂಪಿಸಿದರು. ಜಾನ್ವಿ ಮಡಿವಾಳರ ವಂದಿಸಿದರು.
ಸಂಜೀವ ಕತ್ತಿಶೆಟ್ಟಿ ಅವರಿಗೆ ಅಭಿನಂದನೆಗಳು
ಬೈಲಹೊಂಗಲ: ಬೆಳಗಾವಿ ವಾಣಿಜ್ಯೋದ್ಯಮ ಸಂಘದ ನಿಕಟಪೂರ್ವ ಅಧ್ಯಕ್ಷ ಶ್ರೀ ಸಂಜೀವ ಕತ್ತಿಶೆಟ್ಟಿ ಅವರು ಕರ್ನಾಟಕ ವಾಣಿಜ್ಯ ಮತ್ತು ಕೈಗಾರಿಕಾ ಒಕ್ಕೂಟ (ಎಫ್‌ಕೆಸಿಸಿಐ)ನ ನಿರ್ದೇಶಕರಾಗಿ ಅವಿರೋಧವಾಗಿ ಆಯ್ಕೆಯಾಗಿದ್ದಾರೆ. ೨೦೨೫-೨೬ನೇ ಸಾಲಿನ ನಿರ್ದೇಶಕರಾಗಿ ಆಯ್ಕೆಯಾದ ಅವರಿಗೆ ಬೈಲಹೊಂಗಲ ತಾಲ್ಲೂಕಿನ ಸಮಸ್ತ ಕನ್ನಡ ಸಾಹಿತ್ಯ ಪರಿಷತ್ತು ಹಾಗೂ ಸರ್ವ ಸದಸ್ಯರ ಪರವಾಗಿ ಅಭಿನಂದನೆಗಳು ಸಲ್ಲಿಸಿದ್ದಾರೆ. ಅಧ್ಯಕ್ಷರು, ಮಂಗಳಾ ಶ್ರೀ ಮೆಟಗುಡ್ಡ ಅವರು ಹಾರೈಸಿದ್ದಾರೆ.
ಪಟ್ಟಣ ಪಂಚಾಯತ ಕಾರ್ಯಾಲಯ, ರಾಯಬಾಗ
ಅಲ್ಪಾವಧಿ ಟೆಂಡರ ಪ್ರಕಟಣೆ
ಸನ್ 2025-26ನೇ ಸಾಲಿನ ಸ್ವಚ್ಛ ಭಾರತ ಮಿಷನ್ (ನಗರ) – 2.0 [Legacy waste - DPR] ಅನುದಾನ ಅಡಿಯಲ್ಲಿ IND5344 ವಾಹನ/ಯಂತ್ರೋಪಕರಣ ಹಾಗೂ SE6145 ಕಾಮಗಾರಿಯನ್ನು ಪೂರೈಸುವ ಕಾಮಗಾರಿಗಳಿಗೆ ಅರ್ಹತೆಯುಳ್ಳ ನೋಂದಾಯಿತ ಅರ್ಹ ಗುತ್ತಿಗೆದಾರರಿಂದ ಕೆ.ಟಿ.ಪಿ.ಪಿ ಕಾಯ್ದೆ 1999 ರ ಪ್ರಕಾರ ಇ-ಟೆಂಡರ ನಿಯಮಾನುಸಾರ ನೋಂದಾಯಿತ ಗುತ್ತಿಗೆದಾರರಿಂದ ಇ-ಪ್ರೊಕ್ಯೂರಮೆಂಟ್ ಮೂಲಕ ಟೆಂಡರ ಆಹ್ವಾನಿಸಲಾಗಿದೆ. ಬಿಡ್ ಸಲ್ಲಿಸಲು ಕೊನೆಯ ದಿನಾಂಕ:26/09/2025. ಹೆಚ್ಚಿನ ಮಾಹಿತಿಗಾಗಿ
https://www.kppp.karnataka.gov.in ನಲ್ಲಿ ಆನ್‌ಲೈನ್ ಮೂಲಕ ಸಂಪರ್ಕಿಸಬಹುದಾಗಿದೆ.
DIPR/BGM/RO-NO-1006/KSMCA/2025-26
ಸಹಿ/-ಮುಖ್ಯಾಧಿಕಾರಿ
ಪಟ್ಟಣ ಪಂಚಾಯತ, ರಾಯಬಾಗ
Bharat Vaibhav Daily is Printers, Publishers and Owned by Chief Editor N. Prashant Rao, Editor Ravsab N. Aihole. Published and Printed at Elegant Prints, #CTS No. 4834/3, Shiv Plaza, 2nd Floor, APMC Road,
Sadashiv Nagar, Belagavi - 590019. Mob: 9019229369, 9353057369, 0831-4202818. Karnataka State (India). New Delhi RNI Reg. No: KARBIL0/2013/51768, Postal Reg. No: PMG/KA/NK/BM/124/2023-25
